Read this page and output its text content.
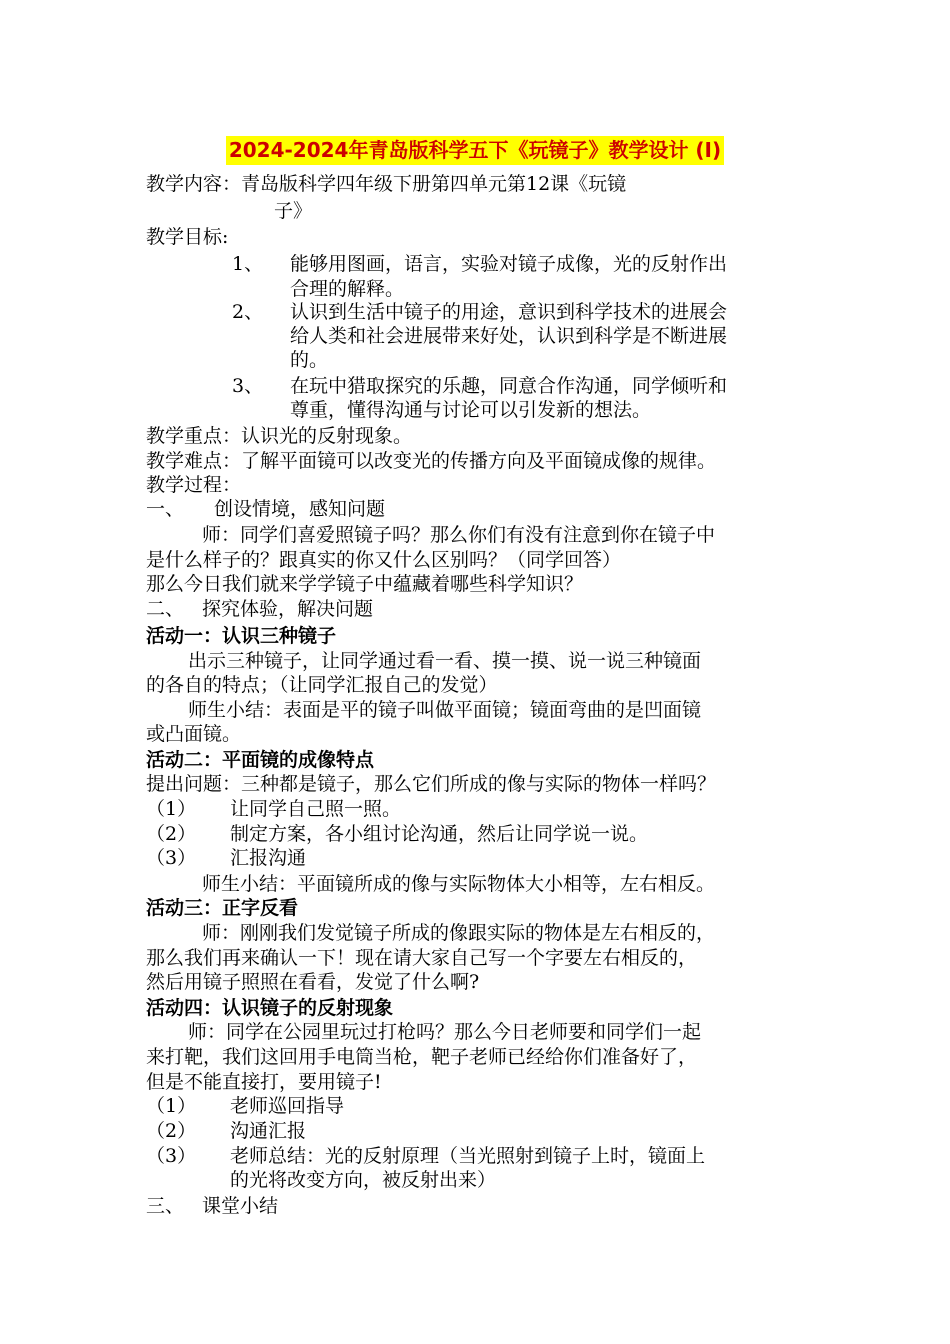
2024-2024年青岛版科学五下《玩镜子》教学设计 (I)
教学内容：青岛版科学四年级下册第四单元第12课《玩镜
子》
教学目标:
1、 能够用图画，语言，实验对镜子成像，光的反射作出
合理的解释。
2、 认识到生活中镜子的用途，意识到科学技术的进展会
给人类和社会进展带来好处，认识到科学是不断进展
的。
3、 在玩中猎取探究的乐趣，同意合作沟通，同学倾听和
尊重，懂得沟通与讨论可以引发新的想法。
教学重点：认识光的反射现象。
教学难点：了解平面镜可以改变光的传播方向及平面镜成像的规律。
教学过程：
一、 创设情境，感知问题
师：同学们喜爱照镜子吗？那么你们有没有注意到你在镜子中
是什么样子的？跟真实的你又什么区别吗？（同学回答）
那么今日我们就来学学镜子中蕴藏着哪些科学知识？
二、 探究体验，解决问题
活动一：认识三种镜子
出示三种镜子，让同学通过看一看、摸一摸、说一说三种镜面
的各自的特点；（让同学汇报自己的发觉）
师生小结：表面是平的镜子叫做平面镜；镜面弯曲的是凹面镜
或凸面镜。
活动二：平面镜的成像特点
提出问题：三种都是镜子，那么它们所成的像与实际的物体一样吗？
（1） 让同学自己照一照。
（2） 制定方案，各小组讨论沟通，然后让同学说一说。
（3） 汇报沟通
师生小结：平面镜所成的像与实际物体大小相等，左右相反。
活动三：正字反看
师：刚刚我们发觉镜子所成的像跟实际的物体是左右相反的，
那么我们再来确认一下！现在请大家自己写一个字要左右相反的，
然后用镜子照照在看看，发觉了什么啊?
活动四：认识镜子的反射现象
师：同学在公园里玩过打枪吗？那么今日老师要和同学们一起
来打靶，我们这回用手电筒当枪，靶子老师已经给你们准备好了，
但是不能直接打，要用镜子!
（1） 老师巡回指导
（2） 沟通汇报
（3） 老师总结：光的反射原理（当光照射到镜子上时，镜面上
的光将改变方向，被反射出来）
三、 课堂小结
